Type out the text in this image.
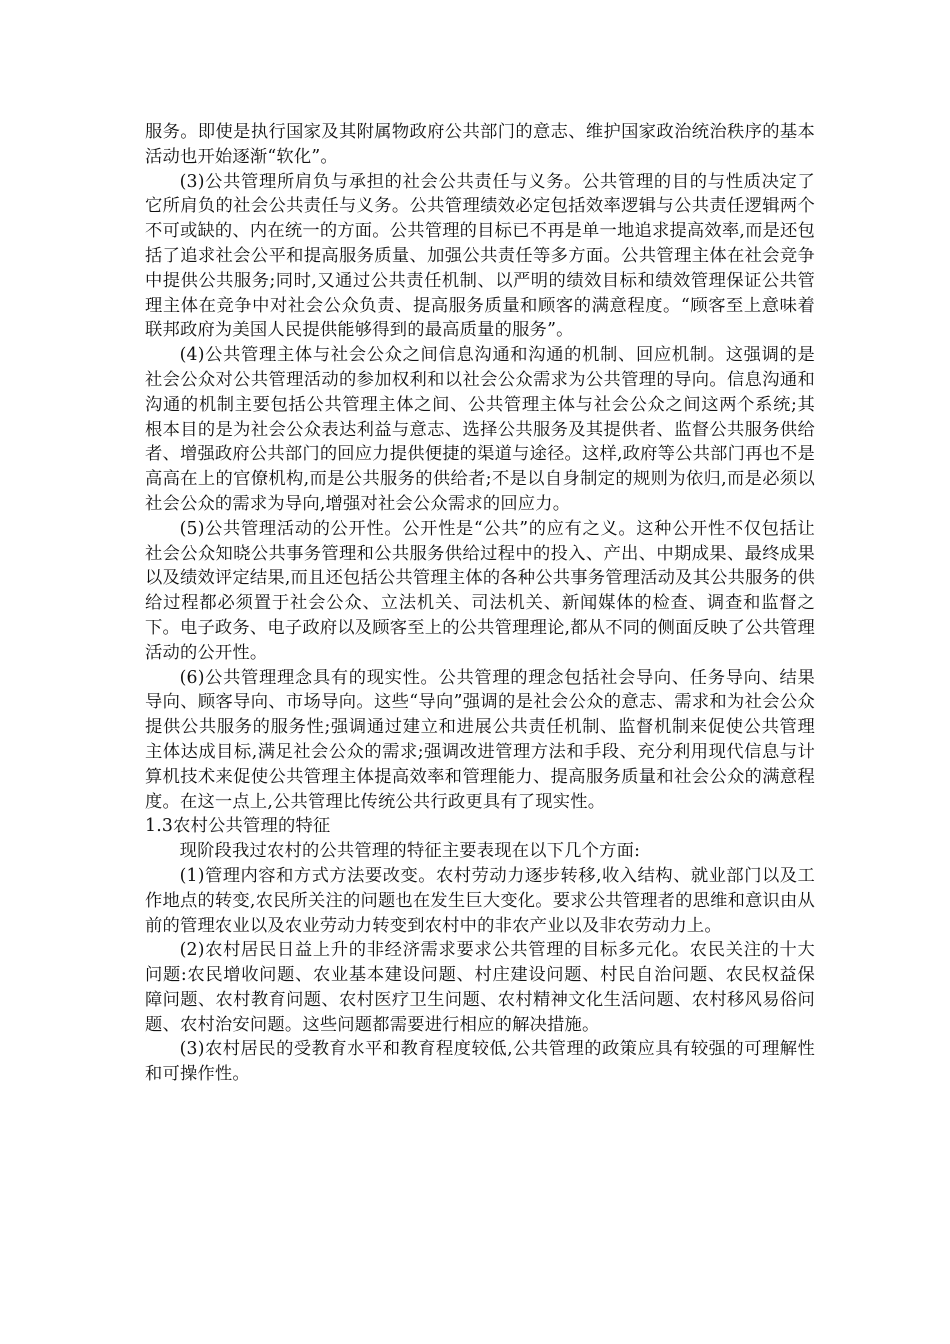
服务。即使是执行国家及其附属物政府公共部门的意志、维护国家政治统治秩序的基本活动也开始逐渐“软化”。

(3)公共管理所肩负与承担的社会公共责任与义务。公共管理的目的与性质决定了它所肩负的社会公共责任与义务。公共管理绩效必定包括效率逻辑与公共责任逻辑两个不可或缺的、内在统一的方面。公共管理的目标已不再是单一地追求提高效率,而是还包括了追求社会公平和提高服务质量、加强公共责任等多方面。公共管理主体在社会竞争中提供公共服务;同时,又通过公共责任机制、以严明的绩效目标和绩效管理保证公共管理主体在竞争中对社会公众负责、提高服务质量和顾客的满意程度。“顾客至上意味着联邦政府为美国人民提供能够得到的最高质量的服务”。

(4)公共管理主体与社会公众之间信息沟通和沟通的机制、回应机制。这强调的是社会公众对公共管理活动的参加权利和以社会公众需求为公共管理的导向。信息沟通和沟通的机制主要包括公共管理主体之间、公共管理主体与社会公众之间这两个系统;其根本目的是为社会公众表达利益与意志、选择公共服务及其提供者、监督公共服务供给者、增强政府公共部门的回应力提供便捷的渠道与途径。这样,政府等公共部门再也不是高高在上的官僚机构,而是公共服务的供给者;不是以自身制定的规则为依归,而是必须以社会公众的需求为导向,增强对社会公众需求的回应力。

(5)公共管理活动的公开性。公开性是“公共”的应有之义。这种公开性不仅包括让社会公众知晓公共事务管理和公共服务供给过程中的投入、产出、中期成果、最终成果以及绩效评定结果,而且还包括公共管理主体的各种公共事务管理活动及其公共服务的供给过程都必须置于社会公众、立法机关、司法机关、新闻媒体的检查、调查和监督之下。电子政务、电子政府以及顾客至上的公共管理理论,都从不同的侧面反映了公共管理活动的公开性。

(6)公共管理理念具有的现实性。公共管理的理念包括社会导向、任务导向、结果导向、顾客导向、市场导向。这些“导向”强调的是社会公众的意志、需求和为社会公众提供公共服务的服务性;强调通过建立和进展公共责任机制、监督机制来促使公共管理主体达成目标,满足社会公众的需求;强调改进管理方法和手段、充分利用现代信息与计算机技术来促使公共管理主体提高效率和管理能力、提高服务质量和社会公众的满意程度。在这一点上,公共管理比传统公共行政更具有了现实性。

1.3农村公共管理的特征

现阶段我过农村的公共管理的特征主要表现在以下几个方面:

(1)管理内容和方式方法要改变。农村劳动力逐步转移,收入结构、就业部门以及工作地点的转变,农民所关注的问题也在发生巨大变化。要求公共管理者的思维和意识由从前的管理农业以及农业劳动力转变到农村中的非农产业以及非农劳动力上。

(2)农村居民日益上升的非经济需求要求公共管理的目标多元化。农民关注的十大问题:农民增收问题、农业基本建设问题、村庄建设问题、村民自治问题、农民权益保障问题、农村教育问题、农村医疗卫生问题、农村精神文化生活问题、农村移风易俗问题、农村治安问题。这些问题都需要进行相应的解决措施。

(3)农村居民的受教育水平和教育程度较低,公共管理的政策应具有较强的可理解性和可操作性。
